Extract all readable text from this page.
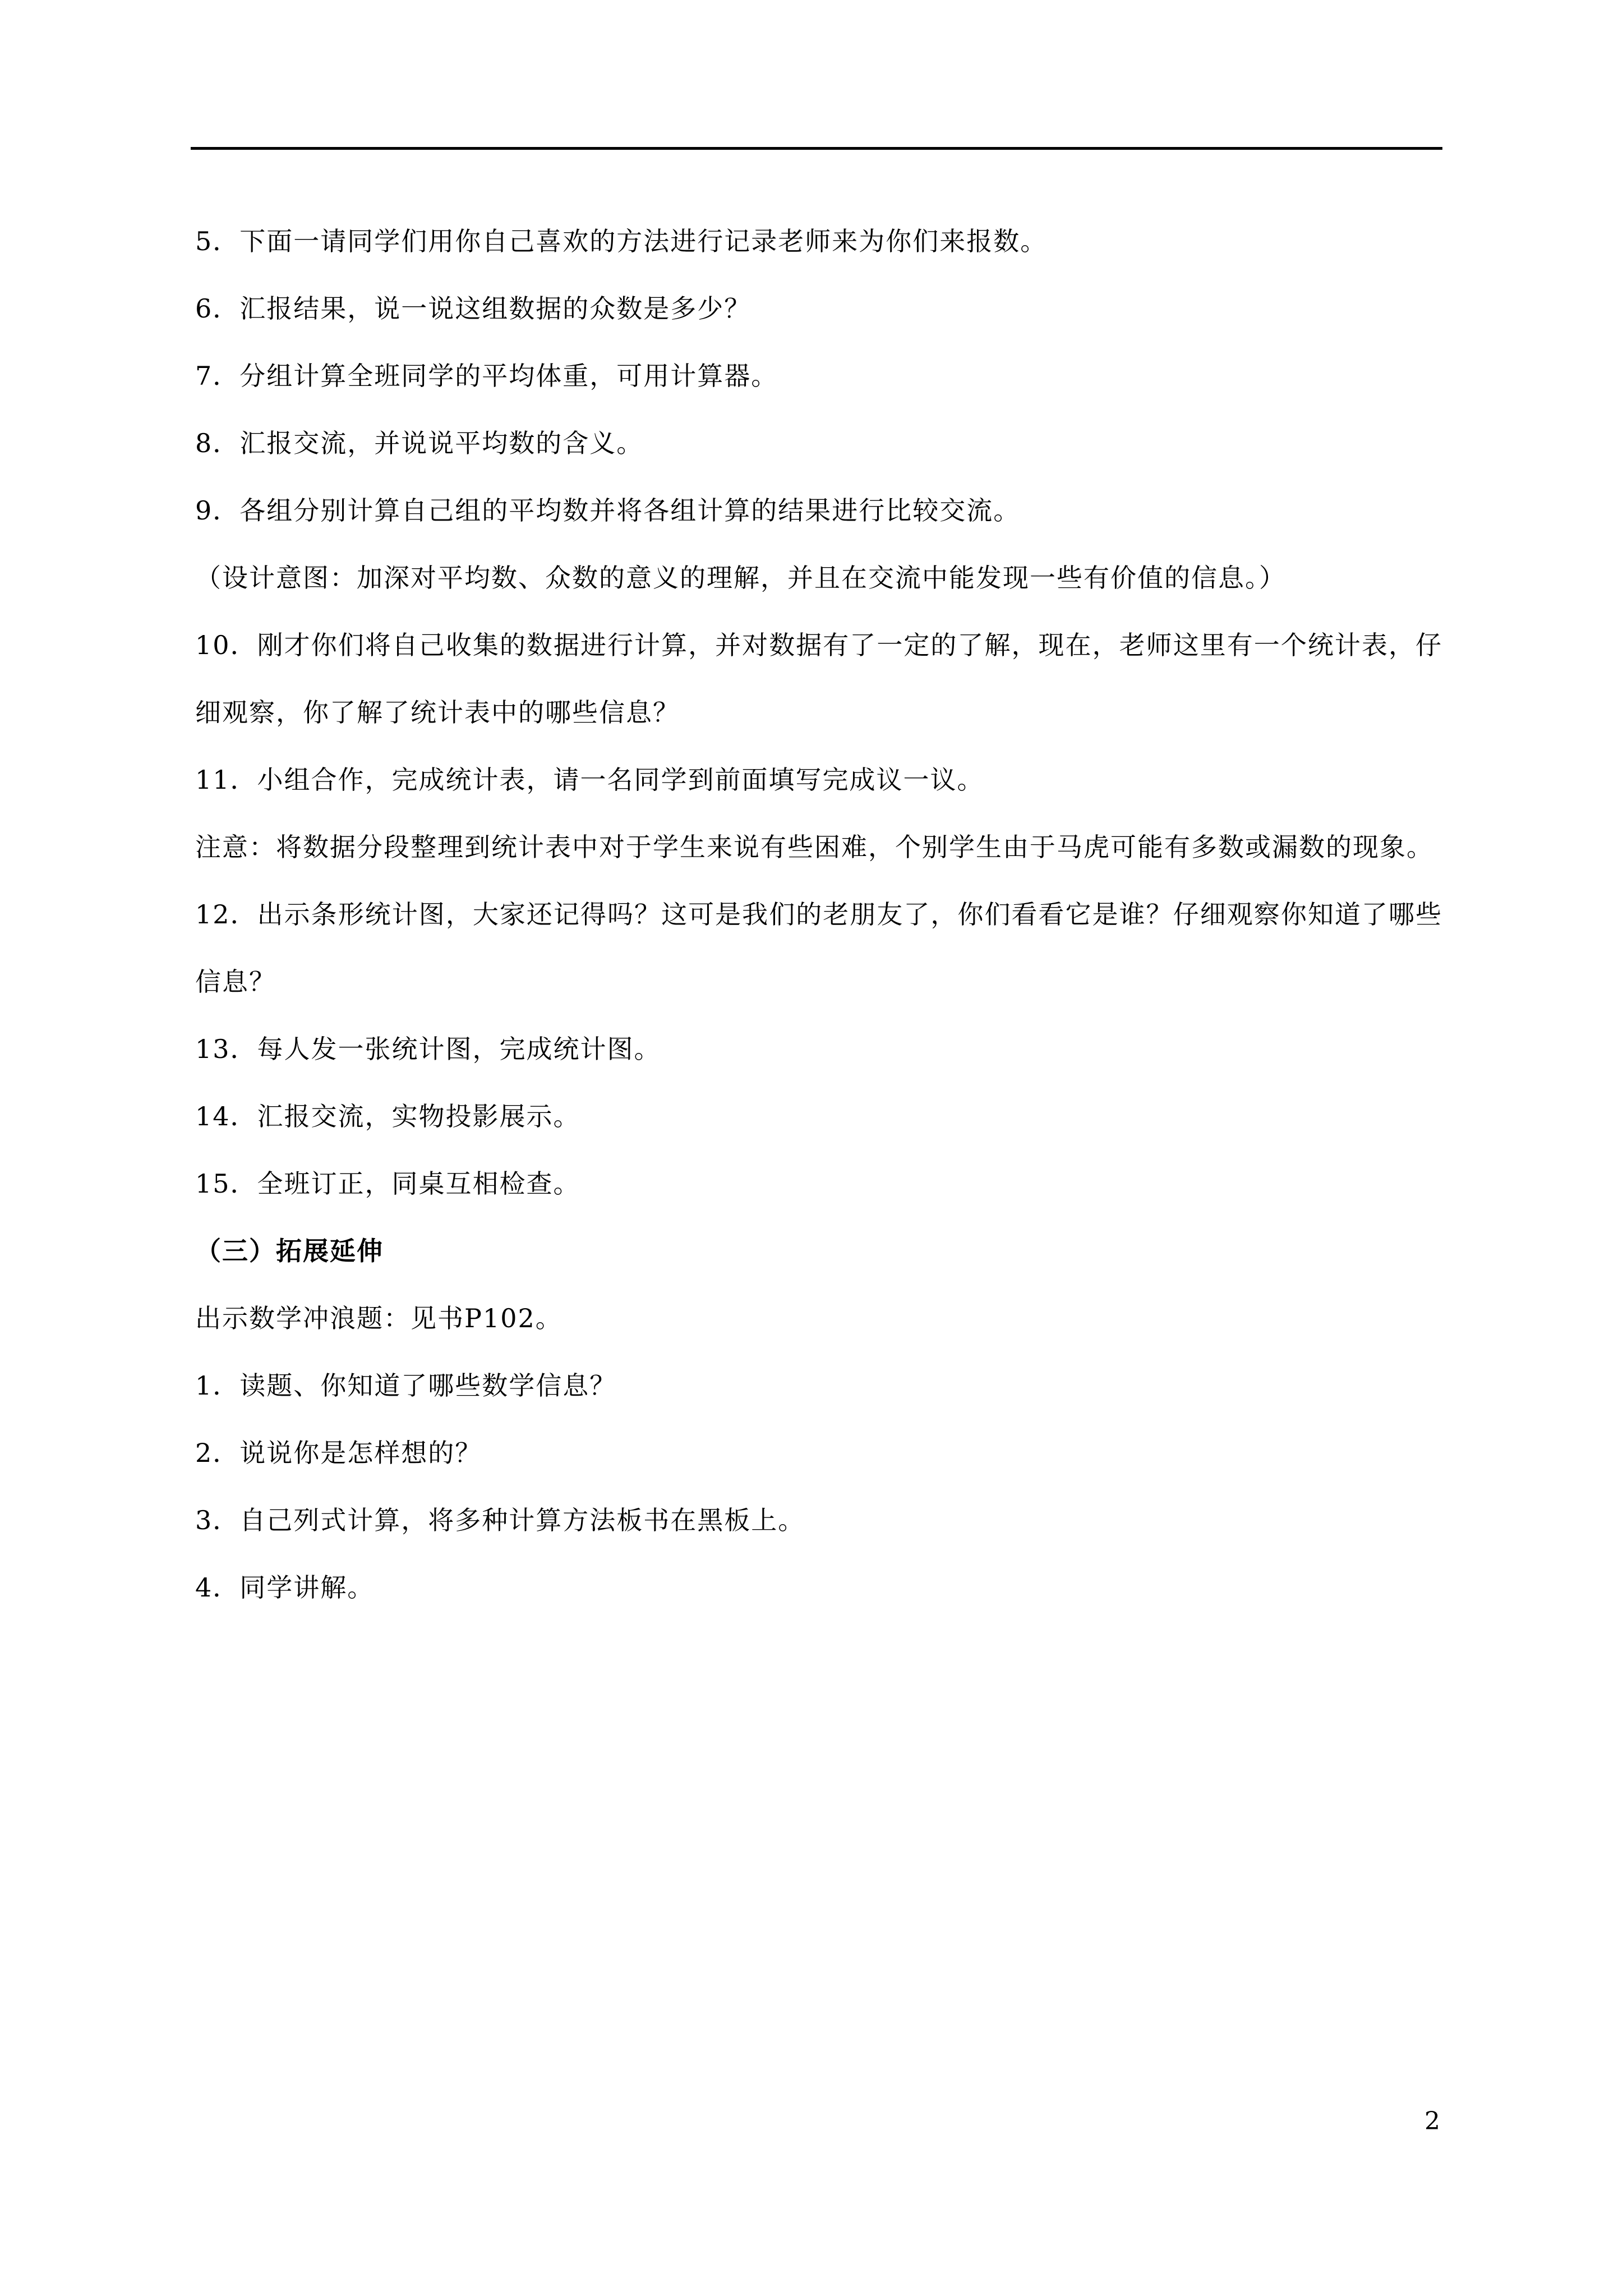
5．下面一请同学们用你自己喜欢的方法进行记录老师来为你们来报数。

6．汇报结果，说一说这组数据的众数是多少？

7．分组计算全班同学的平均体重，可用计算器。

8．汇报交流，并说说平均数的含义。

9．各组分别计算自己组的平均数并将各组计算的结果进行比较交流。

（设计意图：加深对平均数、众数的意义的理解，并且在交流中能发现一些有价值的信息。）

10．刚才你们将自己收集的数据进行计算，并对数据有了一定的了解，现在，老师这里有一个统计表，仔细观察，你了解了统计表中的哪些信息？

11．小组合作，完成统计表，请一名同学到前面填写完成议一议。

注意：将数据分段整理到统计表中对于学生来说有些困难，个别学生由于马虎可能有多数或漏数的现象。

12．出示条形统计图，大家还记得吗？这可是我们的老朋友了，你们看看它是谁？仔细观察你知道了哪些信息？

13．每人发一张统计图，完成统计图。

14．汇报交流，实物投影展示。

15．全班订正，同桌互相检查。

（三）拓展延伸

出示数学冲浪题：见书P102。

1．读题、你知道了哪些数学信息？

2．说说你是怎样想的？

3．自己列式计算，将多种计算方法板书在黑板上。

4．同学讲解。

2
